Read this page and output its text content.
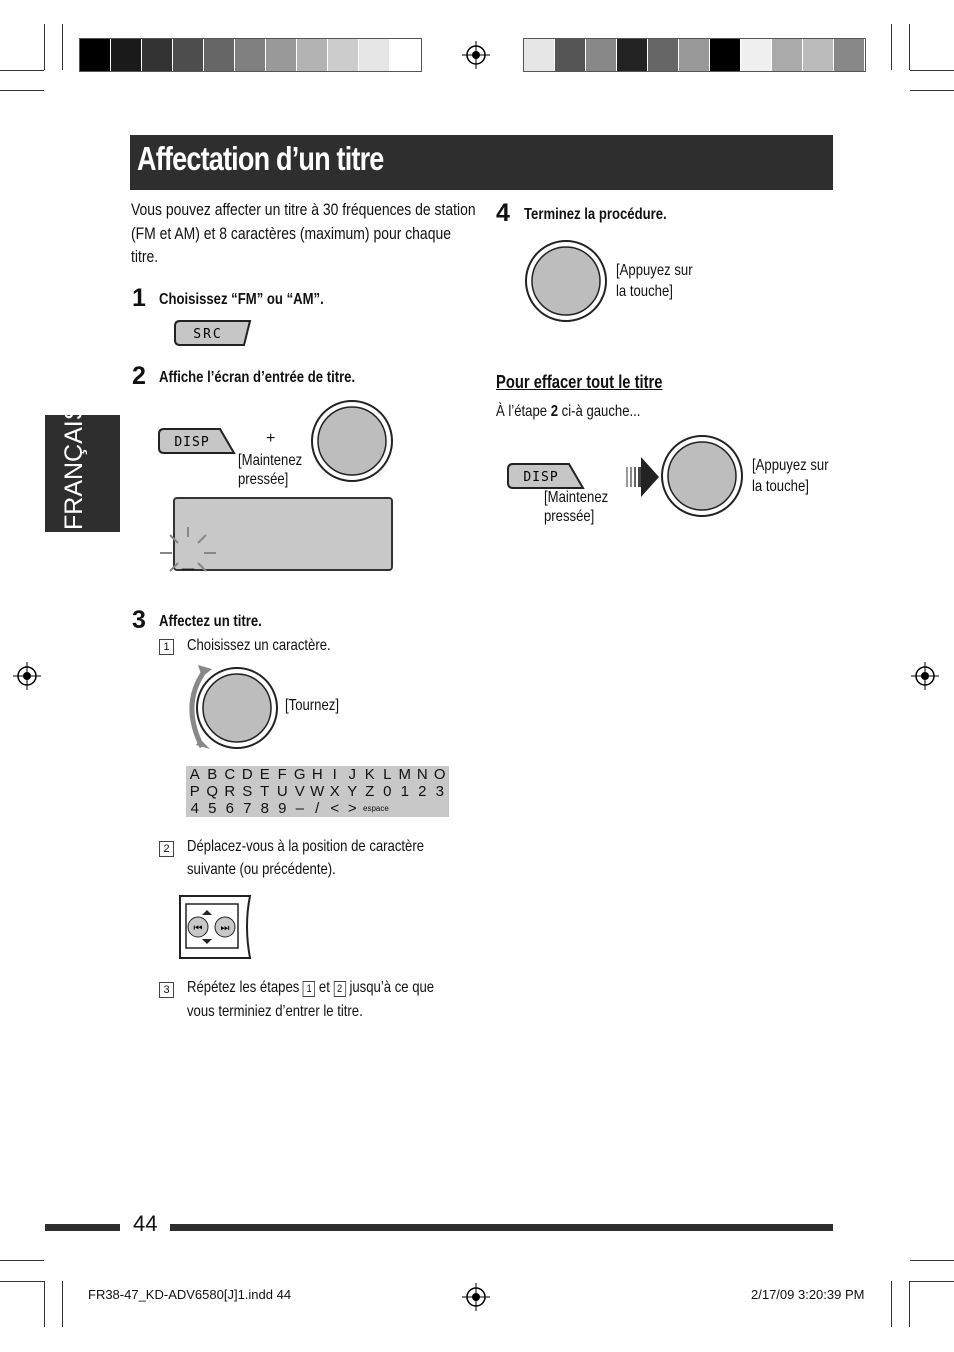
Affectation d’un titre
FRANÇAIS
Vous pouvez affecter un titre à 30 fréquences de station
(FM et AM) et 8 caractères (maximum) pour chaque
titre.
1 Choisissez “FM” ou “AM”.
SRC
2 Affiche l’écran d’entrée de titre.
DISP	+
[Maintenez
pressée]
_
3 Affectez un titre.
1 Choisissez un caractère.
[Tournez]
A	B	C	D	E	F	G	H	I	J	K	L	M	N	O
P	Q	R	S	T	U	V	W	X	Y	Z	0	1	2	3
4	5	6	7	8	9	–	/	<	>	espace				
2 Déplacez-vous à la position de caractère
suivante (ou précédente).
⏮ ⏭
3 Répétez les étapes 1 et 2 jusqu’à ce que
vous terminiez d’entrer le titre.
4 Terminez la procédure.
[Appuyez sur
la touche]
Pour effacer tout le titre
À l’étape 2 ci-à gauche...
DISP
[Maintenez
pressée]
[Appuyez sur
la touche]
44
FR38-47_KD-ADV6580[J]1.indd 44	2/17/09 3:20:39 PM
